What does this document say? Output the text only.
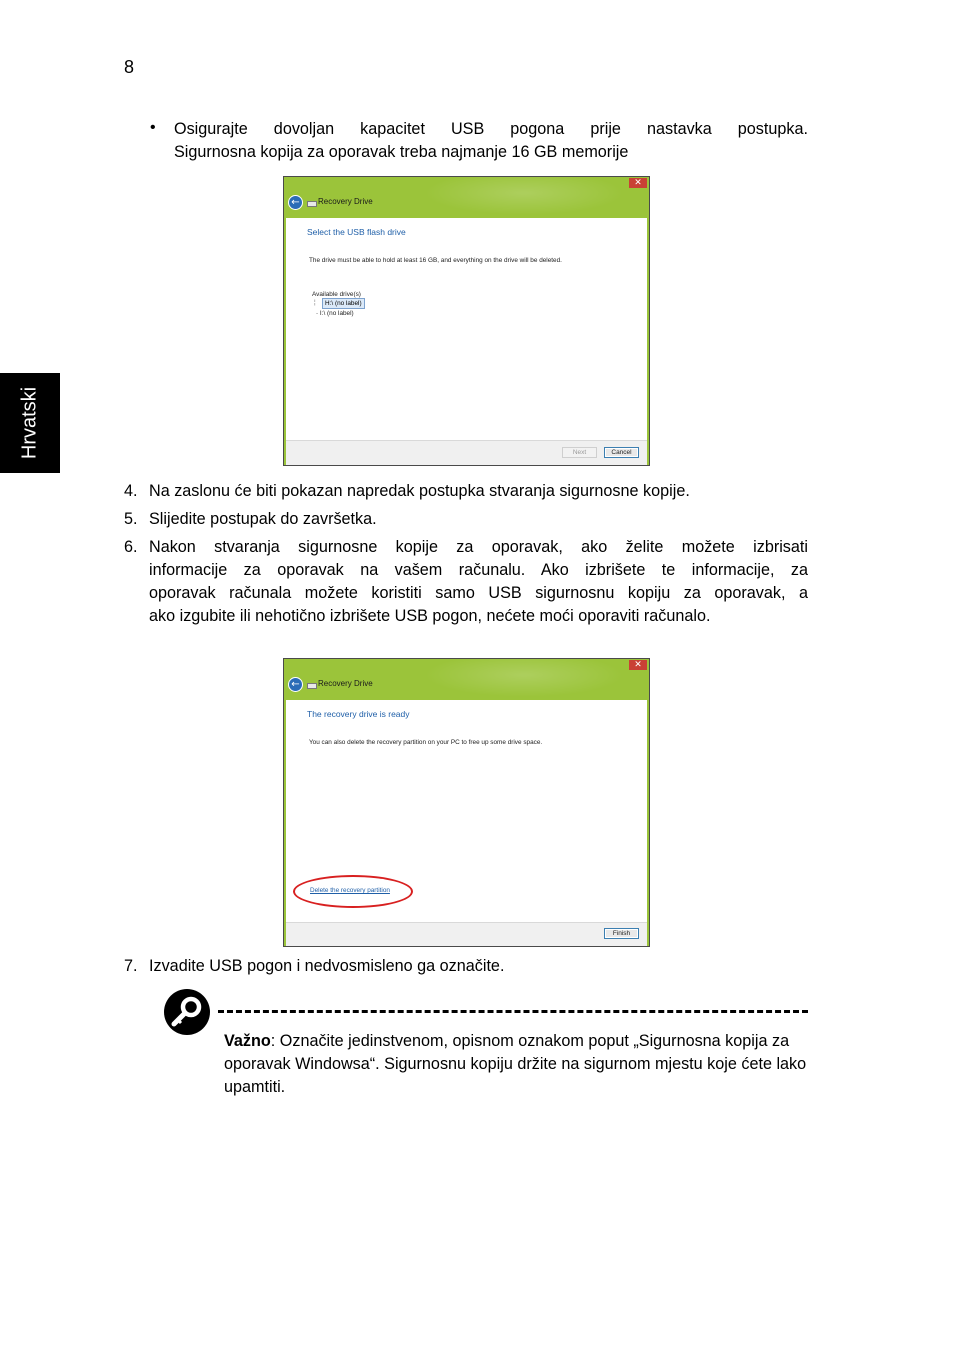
8
Hrvatski
• Osigurajte dovoljan kapacitet USB pogona prije nastavka postupka.
Sigurnosna kopija za oporavak treba najmanje 16 GB memorije
✕
←	Recovery Drive
Select the USB flash drive
The drive must be able to hold at least 16 GB, and everything on the drive will be deleted.
Available drive(s)
¦	H:\ (no label)
- I:\ (no label)
Next	Cancel
4. Na zaslonu će biti pokazan napredak postupka stvaranja sigurnosne kopije.
5. Slijedite postupak do završetka.
6. Nakon stvaranja sigurnosne kopije za oporavak, ako želite možete izbrisati
informacije za oporavak na vašem računalu. Ako izbrišete te informacije, za
oporavak računala možete koristiti samo USB sigurnosnu kopiju za oporavak, a
ako izgubite ili nehotično izbrišete USB pogon, nećete moći oporaviti računalo.
✕
←	Recovery Drive
The recovery drive is ready
You can also delete the recovery partition on your PC to free up some drive space.
Delete the recovery partition
Finish
7. Izvadite USB pogon i nedvosmisleno ga označite.
Važno: Označite jedinstvenom, opisnom oznakom poput „Sigurnosna kopija za oporavak Windowsa“. Sigurnosnu kopiju držite na sigurnom mjestu koje ćete lako upamtiti.
